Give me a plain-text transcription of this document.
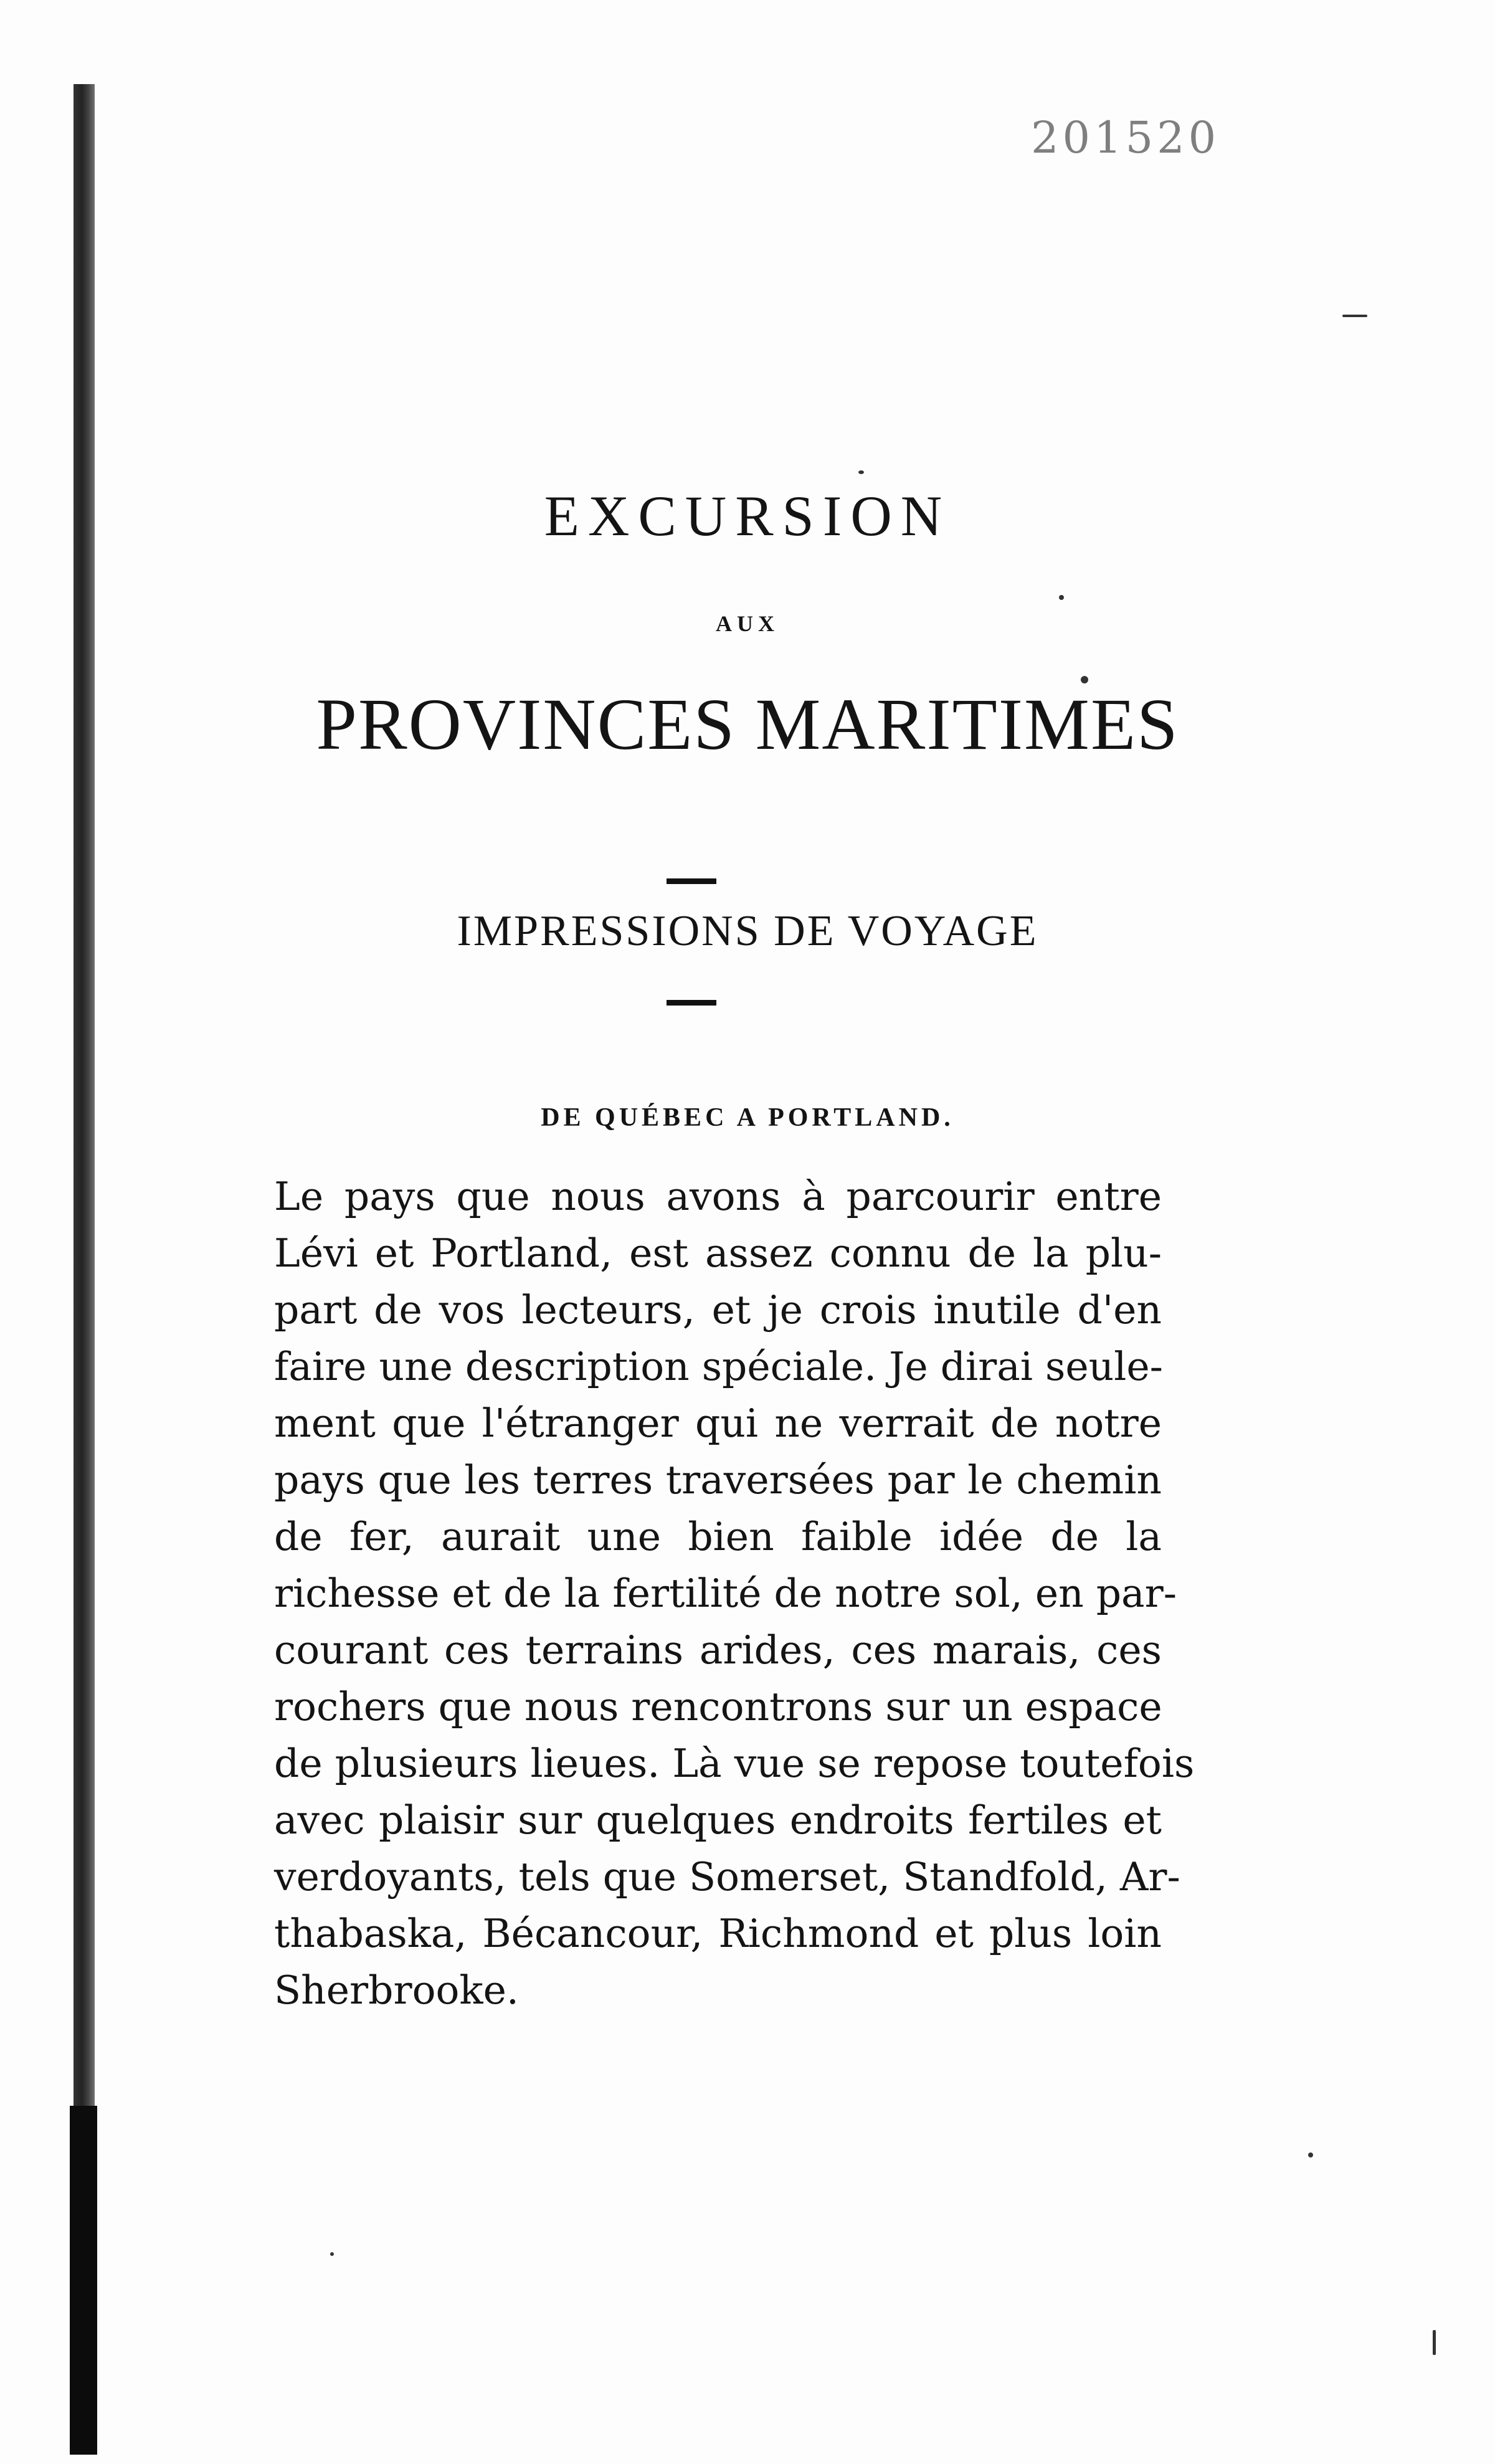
201520
EXCURSION
AUX
PROVINCES MARITIMES
IMPRESSIONS DE VOYAGE
DE QUÉBEC A PORTLAND.
Le pays que nous avons à parcourir entre
Lévi et Portland, est assez connu de la plu-
part de vos lecteurs, et je crois inutile d'en
faire une description spéciale. Je dirai seule-
ment que l'étranger qui ne verrait de notre
pays que les terres traversées par le chemin
de fer, aurait une bien faible idée de la
richesse et de la fertilité de notre sol, en par-
courant ces terrains arides, ces marais, ces
rochers que nous rencontrons sur un espace
de plusieurs lieues. Là vue se repose toutefois
avec plaisir sur quelques endroits fertiles et
verdoyants, tels que Somerset, Standfold, Ar-
thabaska, Bécancour, Richmond et plus loin
Sherbrooke.
